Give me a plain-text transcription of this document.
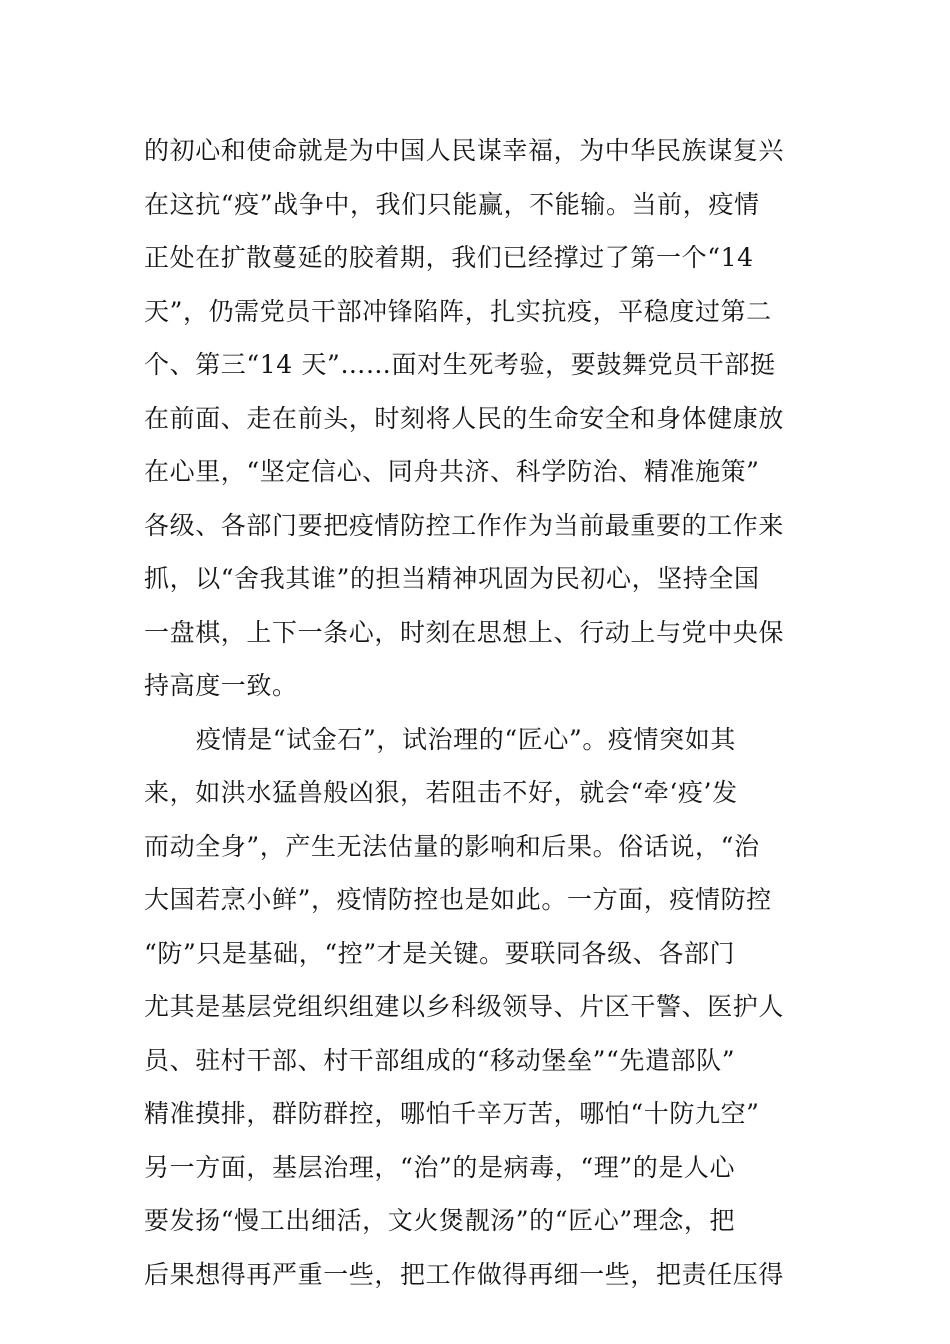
的初心和使命就是为中国人民谋幸福，为中华民族谋复兴
在这抗“疫”战争中，我们只能赢，不能输。当前，疫情
正处在扩散蔓延的胶着期，我们已经撑过了第一个“14
天”，仍需党员干部冲锋陷阵，扎实抗疫，平稳度过第二
个、第三“14 天”……面对生死考验，要鼓舞党员干部挺
在前面、走在前头，时刻将人民的生命安全和身体健康放
在心里，“坚定信心、同舟共济、科学防治、精准施策”
各级、各部门要把疫情防控工作作为当前最重要的工作来
抓，以“舍我其谁”的担当精神巩固为民初心，坚持全国
一盘棋，上下一条心，时刻在思想上、行动上与党中央保
持高度一致。
疫情是“试金石”，试治理的“匠心”。疫情突如其
来，如洪水猛兽般凶狠，若阻击不好，就会“牵‘疫’发
而动全身”，产生无法估量的影响和后果。俗话说，“治
大国若烹小鲜”，疫情防控也是如此。一方面，疫情防控
“防”只是基础，“控”才是关键。要联同各级、各部门
尤其是基层党组织组建以乡科级领导、片区干警、医护人
员、驻村干部、村干部组成的“移动堡垒”“先遣部队”
精准摸排，群防群控，哪怕千辛万苦，哪怕“十防九空”
另一方面，基层治理，“治”的是病毒，“理”的是人心
要发扬“慢工出细活，文火煲靓汤”的“匠心”理念，把
后果想得再严重一些，把工作做得再细一些，把责任压得
